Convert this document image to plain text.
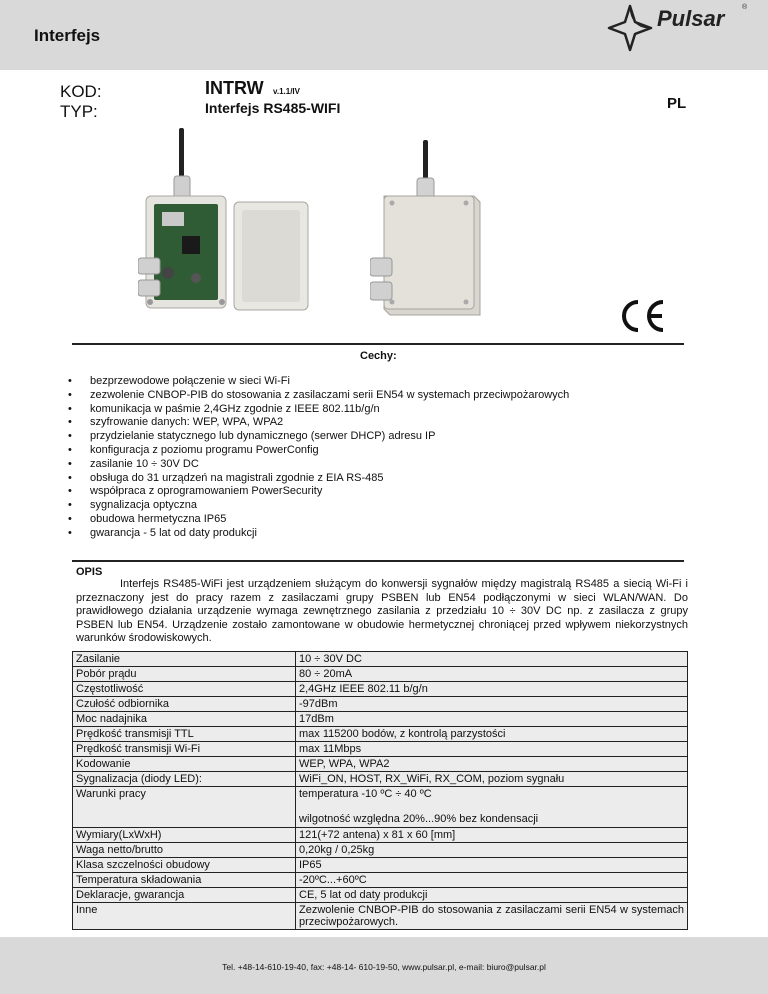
Interfejs
Pulsar	®
KOD:
TYP:
INTRW v.1.1/IV
Interfejs RS485-WIFI	PL
Cechy:
• bezprzewodowe połączenie w sieci Wi-Fi
• zezwolenie CNBOP-PIB do stosowania z zasilaczami serii EN54 w systemach przeciwpożarowych
• komunikacja w paśmie 2,4GHz zgodnie z IEEE 802.11b/g/n
• szyfrowanie danych: WEP, WPA, WPA2
• przydzielanie statycznego lub dynamicznego (serwer DHCP) adresu IP
• konfiguracja z poziomu programu PowerConfig
• zasilanie 10 ÷ 30V DC
• obsługa do 31 urządzeń na magistrali zgodnie z EIA RS-485
• współpraca z oprogramowaniem PowerSecurity
• sygnalizacja optyczna
• obudowa hermetyczna IP65
• gwarancja - 5 lat od daty produkcji
OPIS

Interfejs RS485-WiFi jest urządzeniem służącym do konwersji sygnałów między magistralą RS485 a siecią Wi-Fi i przeznaczony jest do pracy razem z zasilaczami grupy PSBEN lub EN54 podłączonymi w sieci WLAN/WAN. Do prawidłowego działania urządzenie wymaga zewnętrznego zasilania z przedziału 10 ÷ 30V DC np. z zasilacza z grupy PSBEN lub EN54. Urządzenie zostało zamontowane w obudowie hermetycznej chroniącej przed wpływem niekorzystnych warunków środowiskowych.

Zasilanie	10 ÷ 30V DC
Pobór prądu	80 ÷ 20mA
Częstotliwość	2,4GHz IEEE 802.11 b/g/n
Czułość odbiornika	-97dBm
Moc nadajnika	17dBm
Prędkość transmisji TTL	max 115200 bodów, z kontrolą parzystości
Prędkość transmisji Wi-Fi	max 11Mbps
Kodowanie	WEP, WPA, WPA2
Sygnalizacja (diody LED):	WiFi_ON, HOST, RX_WiFi, RX_COM, poziom sygnału
Warunki pracy	temperatura -10 ºC ÷ 40 ºC
wilgotność względna 20%...90% bez kondensacji

Wymiary(LxWxH)	121(+72 antena) x 81 x 60 [mm]
Waga netto/brutto	0,20kg / 0,25kg
Klasa szczelności obudowy	IP65
Temperatura składowania	-20ºC...+60ºC
Deklaracje, gwarancja	CE, 5 lat od daty produkcji
Inne	Zezwolenie CNBOP-PIB do stosowania z zasilaczami serii EN54 w systemach przeciwpożarowych.
Tel. +48-14-610-19-40, fax: +48-14- 610-19-50, www.pulsar.pl, e-mail: biuro@pulsar.pl
